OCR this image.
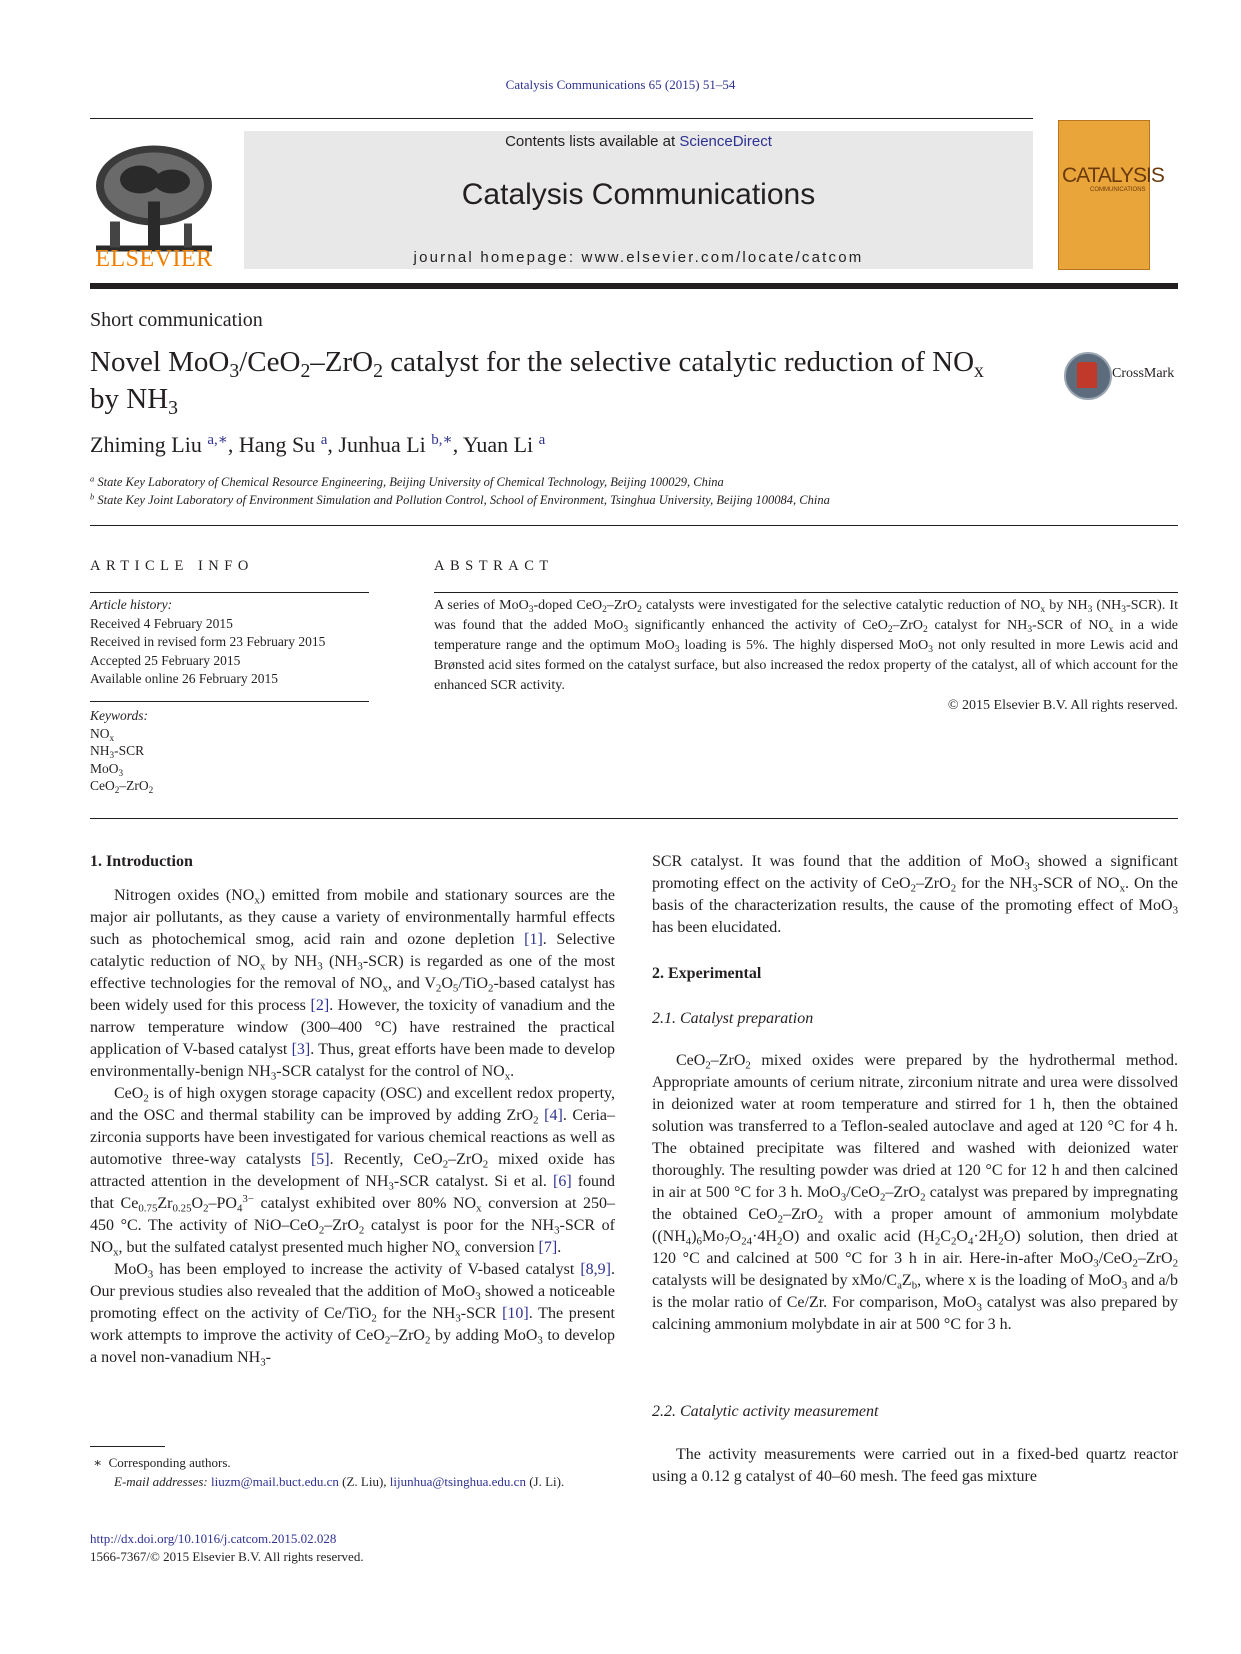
Catalysis Communications 65 (2015) 51–54
ELSEVIER
Contents lists available at ScienceDirect
Catalysis Communications
journal homepage: www.elsevier.com/locate/catcom
CATALYSIS
COMMUNICATIONS
Short communication
Novel MoO$_3$/CeO$_2$–ZrO$_2$ catalyst for the selective catalytic reduction of $NO_x$ by $NH_3$
CrossMark
Zhiming Liu $^{a,∗}$, Hang Su $^a$, Junhua Li $^{b,∗}$, Yuan Li $^a$
$^a$ State Key Laboratory of Chemical Resource Engineering, Beijing University of Chemical Technology, Beijing 100029, China
$^b$ State Key Joint Laboratory of Environment Simulation and Pollution Control, School of Environment, Tsinghua University, Beijing 100084, China
ARTICLE INFO	ABSTRACT
Article history:
Received 4 February 2015
Received in revised form 23 February 2015
Accepted 25 February 2015
Available online 26 February 2015
Keywords:
$NO_x$
$NH_3$-SCR
MoO$_3$
CeO$_2$–ZrO$_2$
A series of MoO$_3$-doped CeO$_2$–ZrO$_2$ catalysts were investigated for the selective catalytic reduction of $NO_x$ by $NH_3$ $(NH_3-SCR)$. It was found that the added MoO$_3$ significantly enhanced the activity of CeO$_2$–ZrO$_2$ catalyst for $NH_3$-SCR of $NO_x$ in a wide temperature range and the optimum MoO$_3$ loading is 5%. The highly dispersed MoO$_3$ not only resulted in more Lewis acid and Brønsted acid sites formed on the catalyst surface, but also increased the redox property of the catalyst, all of which account for the enhanced SCR activity.
© 2015 Elsevier B.V. All rights reserved.
1. Introduction

Nitrogen oxides $(NO_x)$ emitted from mobile and stationary sources are the major air pollutants, as they cause a variety of environmentally harmful effects such as photochemical smog, acid rain and ozone depletion [1]. Selective catalytic reduction of $NO_x$ by $NH_3$ $(NH_3-SCR)$ is regarded as one of the most effective technologies for the removal of $NO_x$, and $V_2O_5/TiO_2$-based catalyst has been widely used for this process [2]. However, the toxicity of vanadium and the narrow temperature window (300–400 °C) have restrained the practical application of V-based catalyst [3]. Thus, great efforts have been made to develop environmentally-benign $NH_3$-SCR catalyst for the control of $NO_x$.

CeO$_2$ is of high oxygen storage capacity (OSC) and excellent redox property, and the OSC and thermal stability can be improved by adding ZrO$_2$ [4]. Ceria–zirconia supports have been investigated for various chemical reactions as well as automotive three-way catalysts [5]. Recently, CeO$_2$–ZrO$_2$ mixed oxide has attracted attention in the development of $NH_3$-SCR catalyst. Si et al. [6] found that $Ce_{0.75}Zr_{0.25}O_2-PO_4^{3-}$ catalyst exhibited over 80% $NO_x$ conversion at 250–450 °C. The activity of NiO–CeO$_2$–ZrO$_2$ catalyst is poor for the $NH_3$-SCR of $NO_x$, but the sulfated catalyst presented much higher $NO_x$ conversion [7].

MoO$_3$ has been employed to increase the activity of V-based catalyst [8,9]. Our previous studies also revealed that the addition of MoO$_3$ showed a noticeable promoting effect on the activity of Ce/TiO$_2$ for the $NH_3$-SCR [10]. The present work attempts to improve the activity of CeO$_2$–ZrO$_2$ by adding MoO$_3$ to develop a novel non-vanadium $NH_3-$

∗  Corresponding authors.
E-mail addresses: liuzm@mail.buct.edu.cn (Z. Liu), lijunhua@tsinghua.edu.cn (J. Li).
http://dx.doi.org/10.1016/j.catcom.2015.02.028
1566-7367/© 2015 Elsevier B.V. All rights reserved.

SCR catalyst. It was found that the addition of MoO$_3$ showed a significant promoting effect on the activity of CeO$_2$–ZrO$_2$ for the $NH_3$-SCR of $NO_x$. On the basis of the characterization results, the cause of the promoting effect of MoO$_3$ has been elucidated.

2. Experimental
2.1. Catalyst preparation

CeO$_2$–ZrO$_2$ mixed oxides were prepared by the hydrothermal method. Appropriate amounts of cerium nitrate, zirconium nitrate and urea were dissolved in deionized water at room temperature and stirred for 1 h, then the obtained solution was transferred to a Teflon-sealed autoclave and aged at 120 °C for 4 h. The obtained precipitate was filtered and washed with deionized water thoroughly. The resulting powder was dried at 120 °C for 12 h and then calcined in air at 500 °C for 3 h. MoO$_3$/CeO$_2$–ZrO$_2$ catalyst was prepared by impregnating the obtained CeO$_2$–ZrO$_2$ with a proper amount of ammonium molybdate $((NH_4)_6Mo_7O_{24}\cdot 4H_2O)$ and oxalic acid $(H_2C_2O_4\cdot 2H_2O)$ solution, then dried at 120 °C and calcined at 500 °C for 3 h in air. Here-in-after MoO$_3$/CeO$_2$–ZrO$_2$ catalysts will be designated by xMo/$C_aZ_b$, where x is the loading of MoO$_3$ and a/b is the molar ratio of Ce/Zr. For comparison, MoO$_3$ catalyst was also prepared by calcining ammonium molybdate in air at 500 °C for 3 h.

2.2. Catalytic activity measurement

The activity measurements were carried out in a fixed-bed quartz reactor using a 0.12 g catalyst of 40–60 mesh. The feed gas mixture
